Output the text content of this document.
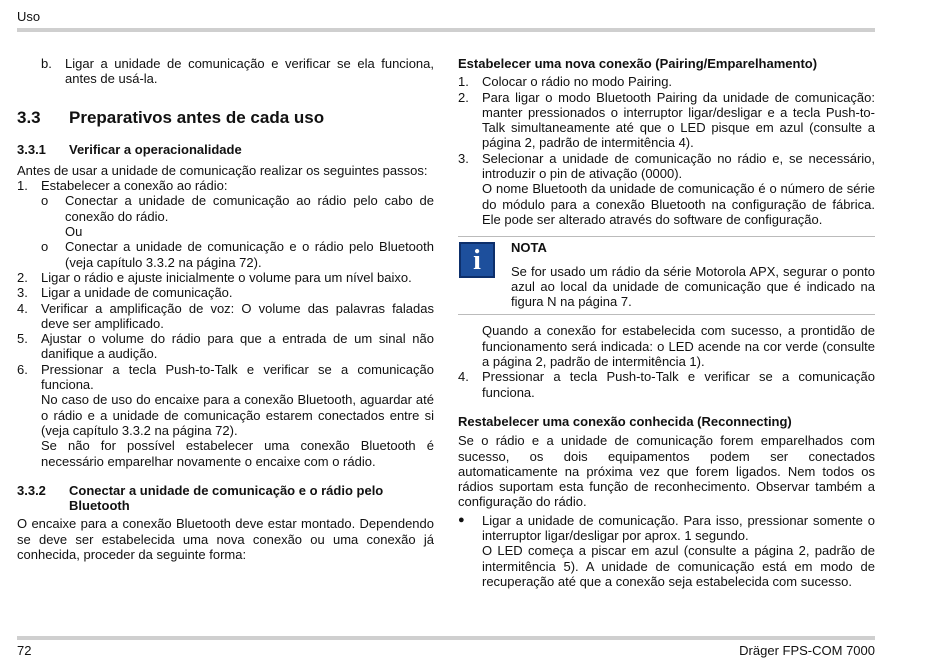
Uso
b.	Ligar a unidade de comunicação e verificar se ela funciona, antes de usá-la.
3.3	Preparativos antes de cada uso
3.3.1	Verificar a operacionalidade

Antes de usar a unidade de comunicação realizar os seguintes passos:

1.	Estabelecer a conexão ao rádio:
o	Conectar a unidade de comunicação ao rádio pelo cabo de conexão do rádio.
Ou
o	Conectar a unidade de comunicação e o rádio pelo Bluetooth (veja capítulo 3.3.2 na página 72).
2.	Ligar o rádio e ajuste inicialmente o volume para um nível baixo.
3.	Ligar a unidade de comunicação.
4.	Verificar a amplificação de voz: O volume das palavras faladas deve ser amplificado.
5.	Ajustar o volume do rádio para que a entrada de um sinal não danifique a audição.
6.	Pressionar a tecla Push-to-Talk e verificar se a comunicação funciona.

No caso de uso do encaixe para a conexão Bluetooth, aguardar até o rádio e a unidade de comunicação estarem conectados entre si (veja capítulo 3.3.2 na página 72).

Se não for possível estabelecer uma conexão Bluetooth é necessário emparelhar novamente o encaixe com o rádio.

3.3.2	Conectar a unidade de comunicação e o rádio pelo Bluetooth

O encaixe para a conexão Bluetooth deve estar montado. Dependendo se deve ser estabelecida uma nova conexão ou uma conexão já conhecida, proceder da seguinte forma:

Estabelecer uma nova conexão (Pairing/Emparelhamento)
1.	Colocar o rádio no modo Pairing.
2.	Para ligar o modo Bluetooth Pairing da unidade de comunicação: manter pressionados o interruptor ligar/desligar e a tecla Push-to-Talk simultaneamente até que o LED pisque em azul (consulte a página 2, padrão de intermitência 4).
3.	Selecionar a unidade de comunicação no rádio e, se necessário, introduzir o pin de ativação (0000).

O nome Bluetooth da unidade de comunicação é o número de série do módulo para a conexão Bluetooth na configuração de fábrica. Ele pode ser alterado através do software de configuração.

i	NOTA

Se for usado um rádio da série Motorola APX, segurar o ponto azul ao local da unidade de comunicação que é indicado na figura N na página 7.

Quando a conexão for estabelecida com sucesso, a prontidão de funcionamento será indicada: o LED acende na cor verde (consulte a página 2, padrão de intermitência 1).

4.	Pressionar a tecla Push-to-Talk e verificar se a comunicação funciona.
Restabelecer uma conexão conhecida (Reconnecting)

Se o rádio e a unidade de comunicação forem emparelhados com sucesso, os dois equipamentos podem ser conectados automaticamente na próxima vez que forem ligados. Nem todos os rádios suportam esta função de reconhecimento. Observar também a configuração do rádio.

●	Ligar a unidade de comunicação. Para isso, pressionar somente o interruptor ligar/desligar por aprox. 1 segundo.

O LED começa a piscar em azul (consulte a página 2, padrão de intermitência 5). A unidade de comunicação está em modo de recuperação até que a conexão seja estabelecida com sucesso.

72	Dräger FPS-COM 7000
